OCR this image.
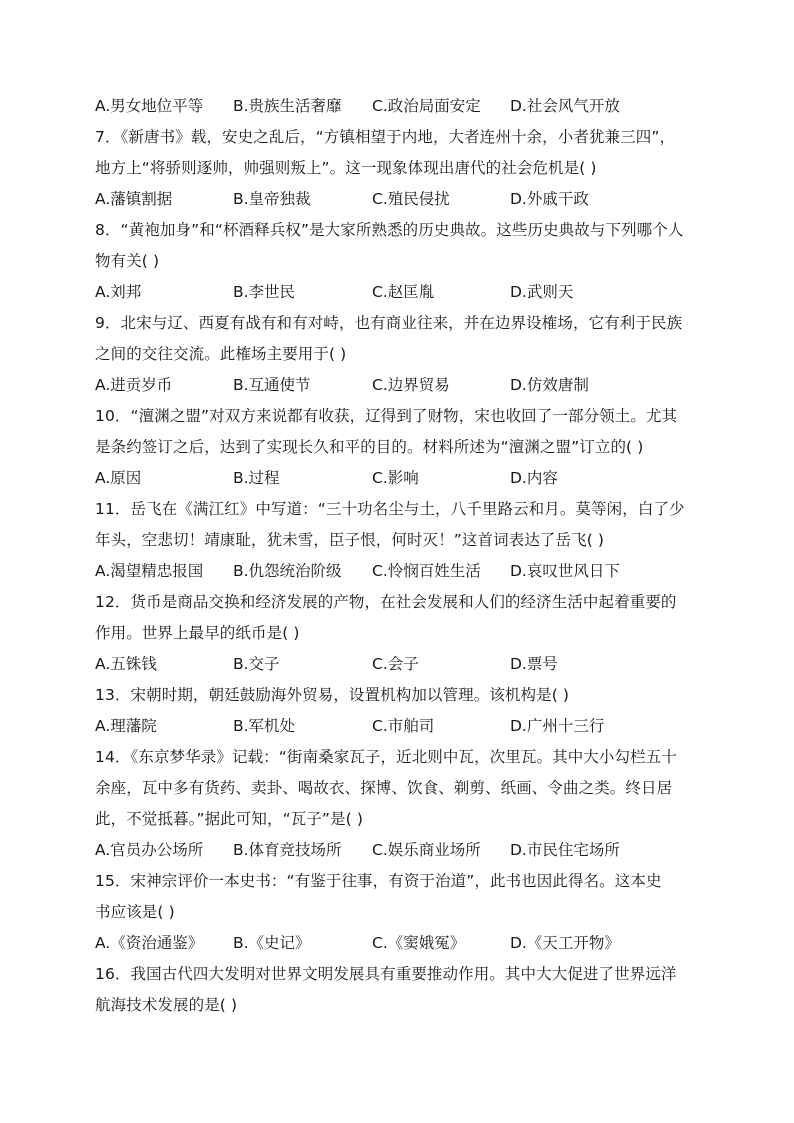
A.男女地位平等 B.贵族生活奢靡 C.政治局面安定 D.社会风气开放
7．《新唐书》载，安史之乱后，“方镇相望于内地，大者连州十余，小者犹兼三四”，
地方上“将骄则逐帅，帅强则叛上”。这一现象体现出唐代的社会危机是( )
A.藩镇割据	B.皇帝独裁	C.殖民侵扰	D.外戚干政
8．“黄袍加身”和“杯酒释兵权”是大家所熟悉的历史典故。这些历史典故与下列哪个人
物有关( )
A.刘邦	B.李世民	C.赵匡胤	D.武则天
9．北宋与辽、西夏有战有和有对峙，也有商业往来，并在边界设榷场，它有利于民族
之间的交往交流。此榷场主要用于( )
A.进贡岁币	B.互通使节	C.边界贸易	D.仿效唐制
10．“澶渊之盟”对双方来说都有收获，辽得到了财物，宋也收回了一部分领土。尤其
是条约签订之后，达到了实现长久和平的目的。材料所述为“澶渊之盟”订立的( )
A.原因	B.过程	C.影响	D.内容
11．岳飞在《满江红》中写道：“三十功名尘与土，八千里路云和月。莫等闲，白了少
年头，空悲切！靖康耻，犹未雪，臣子恨，何时灭！”这首词表达了岳飞( )
A.渴望精忠报国 B.仇怨统治阶级 C.怜悯百姓生活 D.哀叹世风日下
12．货币是商品交换和经济发展的产物，在社会发展和人们的经济生活中起着重要的
作用。世界上最早的纸币是( )
A.五铢钱	B.交子	C.会子	D.票号
13．宋朝时期，朝廷鼓励海外贸易，设置机构加以管理。该机构是( )
A.理藩院	B.军机处	C.市舶司	D.广州十三行
14．《东京梦华录》记载：“街南桑家瓦子，近北则中瓦，次里瓦。其中大小勾栏五十
余座，瓦中多有货药、卖卦、喝故衣、探博、饮食、剃剪、纸画、令曲之类。终日居
此，不觉抵暮。”据此可知，“瓦子”是( )
A.官员办公场所 B.体育竞技场所 C.娱乐商业场所 D.市民住宅场所
15．宋神宗评价一本史书：“有鉴于往事，有资于治道”，此书也因此得名。这本史
书应该是( )
A.《资治通鉴》 B.《史记》	C.《窦娥冤》	D.《天工开物》
16．我国古代四大发明对世界文明发展具有重要推动作用。其中大大促进了世界远洋
航海技术发展的是( )
